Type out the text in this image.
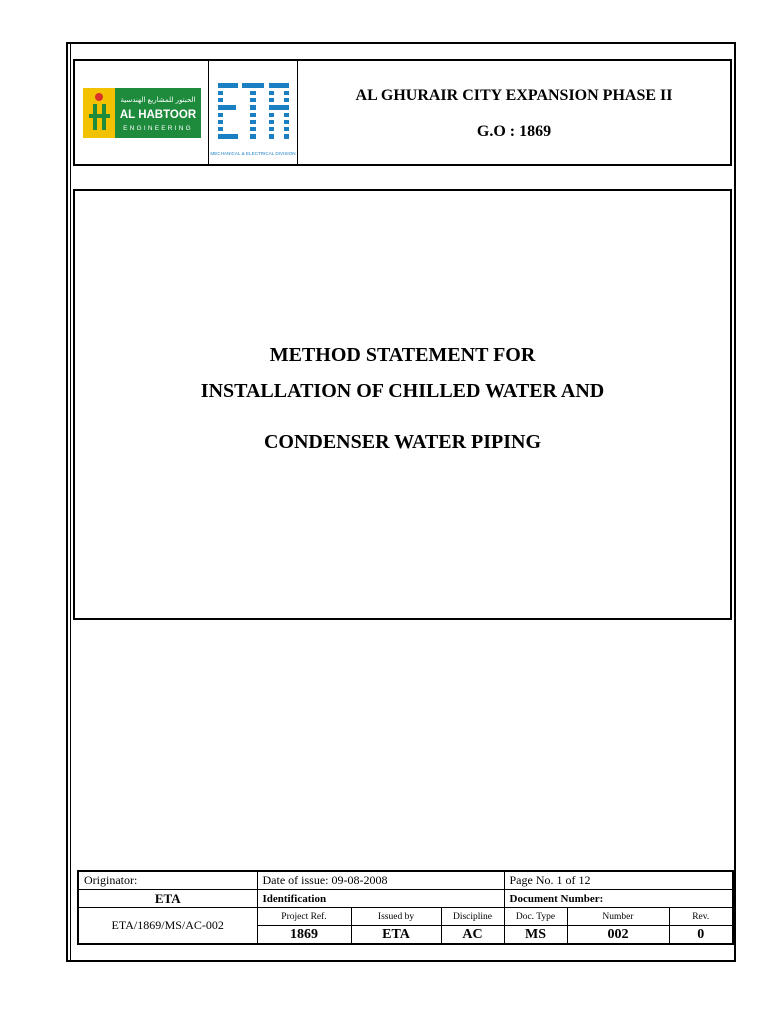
الحبتور للمشاريع الهندسية
AL HABTOOR
ENGINEERING
MECHANICAL & ELECTRICAL DIVISION
AL GHURAIR CITY EXPANSION PHASE II
G.O : 1869
METHOD STATEMENT FOR
INSTALLATION OF CHILLED WATER AND
CONDENSER WATER PIPING
Originator:	Date of issue: 09-08-2008			Page No. 1 of 12		
ETA	Identification			Document Number:		
ETA/1869/MS/AC-002	Project Ref.	Issued by	Discipline	Doc. Type	Number	Rev.
	1869	ETA	AC	MS	002	0
